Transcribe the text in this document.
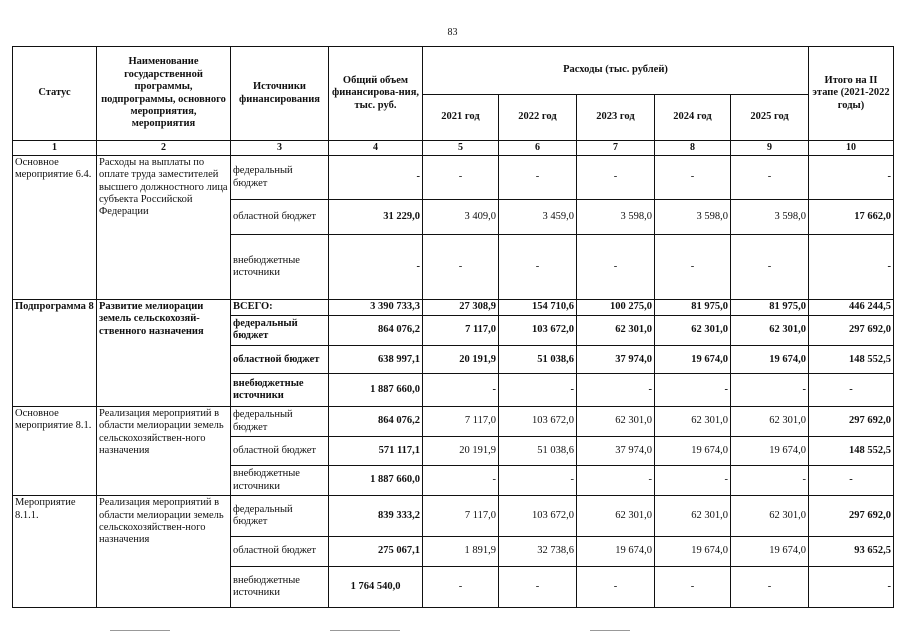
83
Статус	Наименование государственной программы, подпрограммы, основного мероприятия, мероприятия	Источники финансирования	Общий объем финансирова-ния, тыс. руб.	Расходы (тыс. рублей)					Итого на II этапе (2021-2022 годы)
				2021 год	2022 год	2023 год	2024 год	2025 год	
1	2	3	4	5	6	7	8	9	10
Основное мероприятие 6.4.	Расходы на выплаты по оплате труда заместителей высшего должностного лица субъекта Российской Федерации	федеральный бюджет	-	-	-	-	-	-	-
		областной бюджет	31 229,0	3 409,0	3 459,0	3 598,0	3 598,0	3 598,0	17 662,0
		внебюджетные источники	-	-	-	-	-	-	-
Подпрограмма 8	Развитие мелиорации земель сельскохозяй-ственного назначения	ВСЕГО:	3 390 733,3	27 308,9	154 710,6	100 275,0	81 975,0	81 975,0	446 244,5
		федеральный бюджет	864 076,2	7 117,0	103 672,0	62 301,0	62 301,0	62 301,0	297 692,0
		областной бюджет	638 997,1	20 191,9	51 038,6	37 974,0	19 674,0	19 674,0	148 552,5
		внебюджетные источники	1 887 660,0	-	-	-	-	-	-
Основное мероприятие 8.1.	Реализация мероприятий в области мелиорации земель сельскохозяйствен-ного назначения	федеральный бюджет	864 076,2	7 117,0	103 672,0	62 301,0	62 301,0	62 301,0	297 692,0
		областной бюджет	571 117,1	20 191,9	51 038,6	37 974,0	19 674,0	19 674,0	148 552,5
		внебюджетные источники	1 887 660,0	-	-	-	-	-	-
Мероприятие 8.1.1.	Реализация мероприятий в области мелиорации земель сельскохозяйствен-ного назначения	федеральный бюджет	839 333,2	7 117,0	103 672,0	62 301,0	62 301,0	62 301,0	297 692,0
		областной бюджет	275 067,1	1 891,9	32 738,6	19 674,0	19 674,0	19 674,0	93 652,5
		внебюджетные источники	1 764 540,0	-	-	-	-	-	-
